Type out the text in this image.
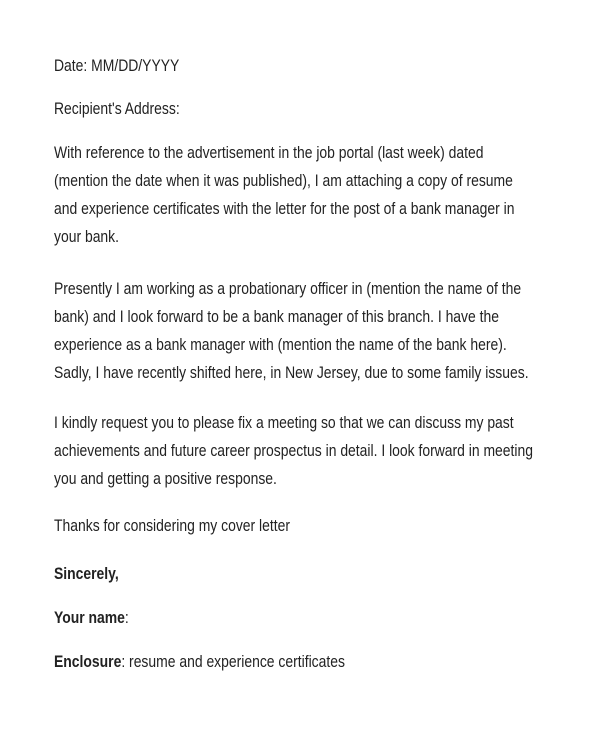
Date: MM/DD/YYYY
Recipient's Address:
With reference to the advertisement in the job portal (last week) dated
(mention the date when it was published), I am attaching a copy of resume
and experience certificates with the letter for the post of a bank manager in
your bank.
Presently I am working as a probationary officer in (mention the name of the
bank) and I look forward to be a bank manager of this branch. I have the
experience as a bank manager with (mention the name of the bank here).
Sadly, I have recently shifted here, in New Jersey, due to some family issues.
I kindly request you to please fix a meeting so that we can discuss my past
achievements and future career prospectus in detail. I look forward in meeting
you and getting a positive response.
Thanks for considering my cover letter
Sincerely,
Your name:
Enclosure: resume and experience certificates
